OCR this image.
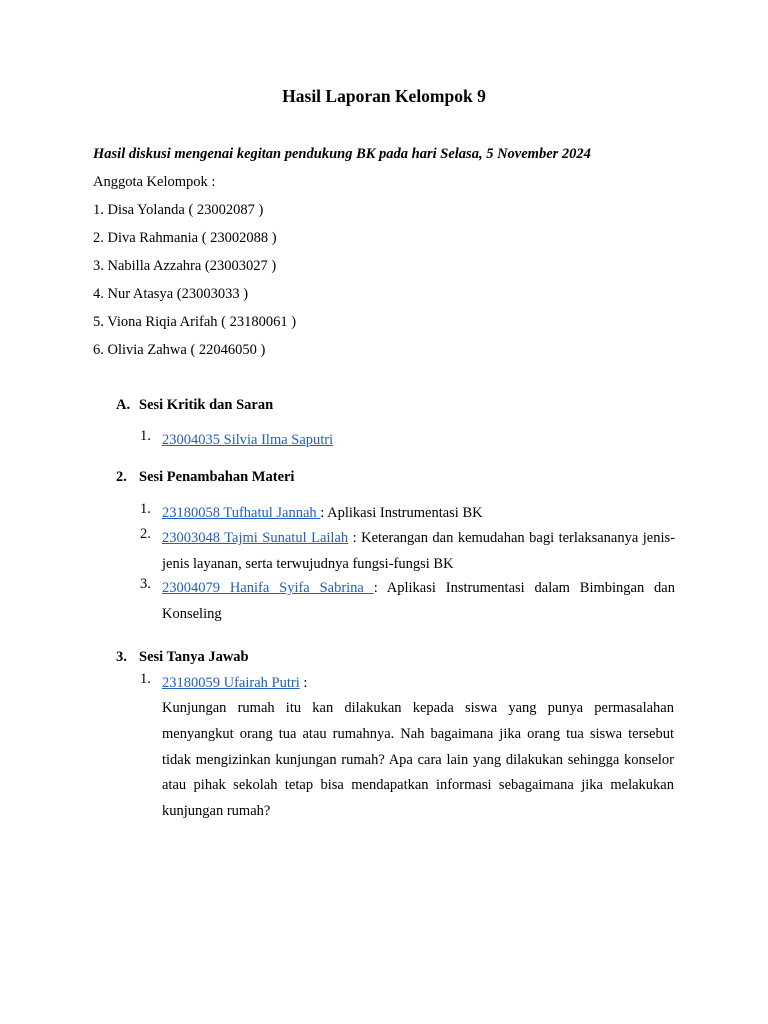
Hasil Laporan Kelompok 9
Hasil diskusi mengenai kegitan pendukung BK pada hari Selasa, 5 November 2024
Anggota Kelompok :
1. Disa Yolanda ( 23002087 )
2. Diva Rahmania ( 23002088 )
3. Nabilla Azzahra (23003027 )
4. Nur Atasya (23003033 )
5. Viona Riqia Arifah ( 23180061 )
6. Olivia Zahwa ( 22046050 )
A. Sesi Kritik dan Saran
1. 23004035 Silvia Ilma Saputri
2. Sesi Penambahan Materi
1. 23180058 Tufhatul Jannah : Aplikasi Instrumentasi BK
2. 23003048 Tajmi Sunatul Lailah : Keterangan dan kemudahan bagi terlaksananya jenis-jenis layanan, serta terwujudnya fungsi-fungsi BK
3. 23004079 Hanifa Syifa Sabrina : Aplikasi Instrumentasi dalam Bimbingan dan Konseling
3. Sesi Tanya Jawab
1. 23180059 Ufairah Putri :
Kunjungan rumah itu kan dilakukan kepada siswa yang punya permasalahan menyangkut orang tua atau rumahnya. Nah bagaimana jika orang tua siswa tersebut tidak mengizinkan kunjungan rumah? Apa cara lain yang dilakukan sehingga konselor atau pihak sekolah tetap bisa mendapatkan informasi sebagaimana jika melakukan kunjungan rumah?
